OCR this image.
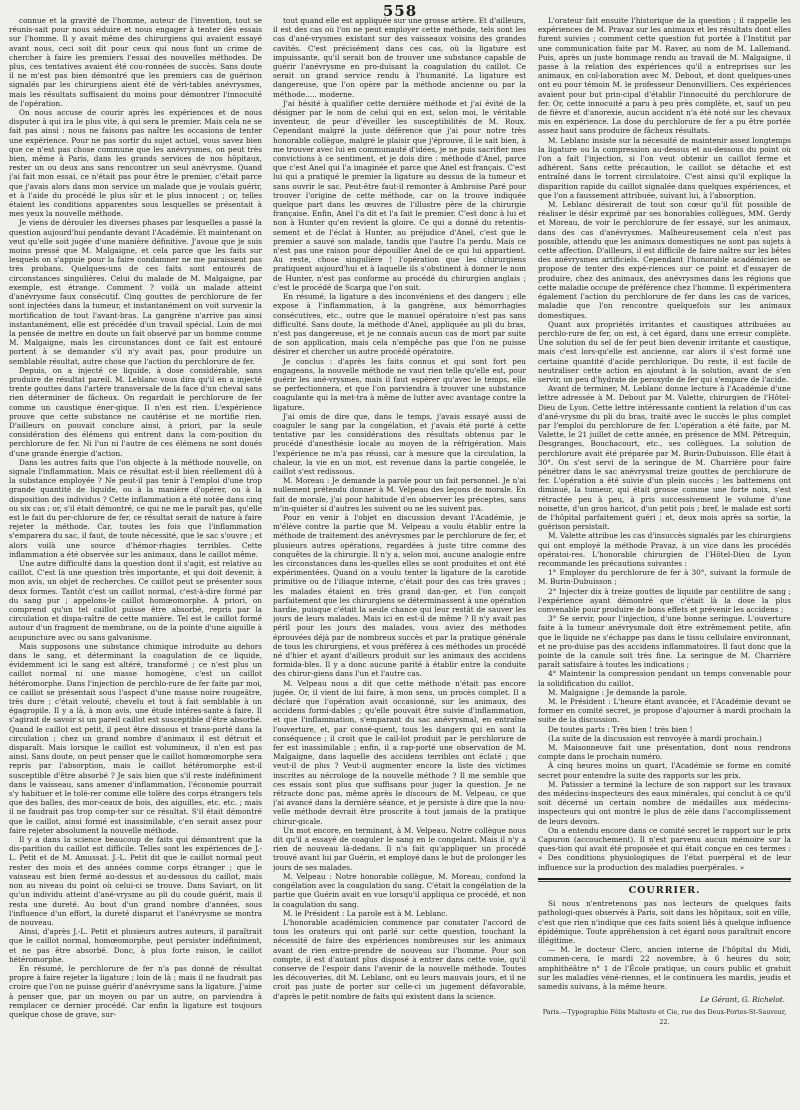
558

connue et la gravité de l'homme, auteur de l'invention, tout se réunis-sait pour nous séduire et nous engager à tenter dès essais sur l'homme. Il y avait même des chirurgiens qui avaient essayé avant nous, ceci soit dit pour ceux qui nous font un crime de chercher à faire les premiers l'essai des nouvelles méthodes. De plus, ces tentatives avaient été cou-ronnées de succès. Sans doute il ne m'est pas bien démontré que les premiers cas de guérison signalés par les chirurgiens aient été de véri-tables anévrysmes, mais les résultats suffisaient du moins pour démontrer l'innocuité de l'opération.

On nous accuse de courir après les expériences et de nous disputer à qui ira le plus vite, à qui sera le premier. Mais cela ne se fait pas ainsi : nous ne faisons pas naître les occasions de tenter une expérience. Pour ne pas sortir du sujet actuel, vous savez bien que ce n'est pas chose commune que les anévrysmes, on peut très bien, même à Paris, dans les grands services de nos hôpitaux, rester un ou deux ans sans rencontrer un seul anévrysme. Quand j'ai fait mon essai, ce n'était pas pour être le premier, c'était parce que j'avais alors dans mon service un malade que je voulais guérir, et à l'aide du procédé le plus sûr et le plus innocent ; or, telles étaient les conditions apparentes sous lesquelles se présentait à mes yeux la nouvelle méthode.

Je viens de dérouler les diverses phases par lesquelles a passé la question aujourd'hui pendante devant l'Académie. Et maintenant on veut qu'elle soit jugée d'une manière définitive. J'avoue que je suis moins pressé que M. Malgaigne, et cela parce que les faits sur lesquels on s'appuie pour la faire condamner ne me paraissent pas très probans. Quelques-uns de ces faits sont entourés de circonstances singulières. Celui du malade de M. Malgaigne, par exemple, est étrange. Comment ? voilà un malade atteint d'anévrysme faux consécutif. Cinq gouttes de perchlorure de fer sont injectées dans la tumeur, et instantanément on voit survenir la mortification de tout l'avant-bras. La gangrène n'arrive pas ainsi instantanément, elle est précédée d'un travail spécial. Loin de moi la pensée de mettre en doute un fait observé par un homme comme M. Malgaigne, mais les circonstances dont ce fait est entouré portent à se demander s'il n'y avait pas, pour produire un semblable résultat, autre chose que l'action du perchlorure de fer.

Depuis, on a injecté ce liquide, à dose considérable, sans produire de résultat pareil. M. Leblanc vous dira qu'il en a injecté trente gouttes dans l'artère transversale de la face d'un cheval sans rien déterminer de fâcheux. On regardait le perchlorure de fer comme un caustique éner-gique. Il n'en est rien. L'expérience prouve que cette substance ne cautérise et ne mortifie rien. D'ailleurs on pouvait conclure ainsi, à priori, par la seule considération des élémens qui entrent dans la com-position du perchlorure de fer. Ni l'un ni l'autre de ces élémens ne sont doués d'une grande énergie d'action.

Dans les autres faits que l'on objecte à la méthode nouvelle, on signale l'inflammation. Mais ce résultat est-il bien réellement dû à la substance employée ? Ne peut-il pas tenir à l'emploi d'une trop grande quantité de liquide, ou à la manière d'opérer, ou à la disposition des individus ? Cette inflammation a été notée dans cinq ou six cas ; or, s'il était démontré, ce qui ne me le paraît pas, qu'elle est le fait du per-chlorure de fer, ce résultat serait de nature à faire rejeter la méthode. Car, toutes les fois que l'inflammation s'emparera du sac, il faut, de toute nécessité, que le sac s'ouvre ; et alors voilà une source d'hémor-rhagies terribles. Cette inflammation a été observée sur les animaux, dans le caillot même.

Une autre difficulté dans la question dont il s'agit, est relative au caillot. C'est là une question très importante, et qui doit devenir, à mon avis, un objet de recherches. Ce caillot peut se présenter sous deux formes. Tantôt c'est un caillot normal, c'est-à-dire formé par du sang pur ; appelons-le caillot homœomorphe. À priori, on comprend qu'un tel caillot puisse être absorbé, repris par la circulation et dispa-raître de cette manière. Tel est le caillot formé autour d'un fragment de membrane, ou de la pointe d'une aiguille à acupuncture avec ou sans galvanisme.

Mais supposons une substance chimique introduite au dehors dans le sang, et déterminant la coagulation de ce liquide, évidemment ici le sang est altéré, transformé ; ce n'est plus un caillot normal ni une masse homogène, c'est un caillot hétéromorphe. Dans l'injection de perchlo-rure de fer faite par moi, ce caillot se présentait sous l'aspect d'une masse noire rougeâtre, très dure ; c'était velouté, chevelu et tout à fait semblable à un égagropile. Il y a là, à mon avis, une étude intéres-sante à faire. Il s'agirait de savoir si un pareil caillot est susceptible d'être absorbé. Quand le caillot est petit, il peut être dissous et trans-porté dans la circulation ; chez un grand nombre d'animaux il est détruit et disparaît. Mais lorsque le caillot est volumineux, il n'en est pas ainsi. Sans doute, on peut penser que le caillot homœomorphe sera repris par l'absorption, mais le caillot hétéromorphe est-il susceptible d'être absorbé ? Je sais bien que s'il reste indéfiniment dans le vaisseau, sans amener d'inflammation, l'économie pourrait s'y habituer et le tolé-rer comme elle tolère des corps étrangers tels que des balles, des mor-ceaux de bois, des aiguilles, etc. etc. ; mais il ne faudrait pas trop comp-ter sur ce résultat. S'il était démontré que le caillot, ainsi formé est inassimilable, c'en serait assez pour faire rejeter absolument la nouvelle méthode.

Il y a dans la science beaucoup de faits qui démontrent que la dis-parition du caillot est difficile. Telles sont les expériences de J.-L. Petit et de M. Amussat. J.-L. Petit dit que le caillot normal peut rester des mois et des années comme corps étranger ; que le vaisseau est bien fermé au-dessus et au-dessous du caillot, mais non au niveau du point où celui-ci se trouve. Dans Saviart, on lit qu'un individu atteint d'ané-vrysme au pli du coude guérit, mais il resta une dureté. Au bout d'un grand nombre d'années, sous l'influence d'un effort, la dureté disparut et l'anévrysme se montra de nouveau.

Ainsi, d'après J.-L. Petit et plusieurs autres auteurs, il paraîtrait que le caillot normal, homœomorphe, peut persister indéfiniment, et ne pas être absorbé. Donc, à plus forte raison, le caillot hétéromorphe.

En résumé, le perchlorure de fer n'a pas donné de résultat propre à faire rejeter la ligature ; loin de là ; mais il ne faudrait pas croire que l'on ne puisse guérir d'anévrysme sans la ligature. J'aime à penser que, par un moyen ou par un autre, on parviendra à remplacer ce dernier procédé. Car enfin la ligature est toujours quelque chose de grave, sur-

tout quand elle est appliquée sur une grosse artère. Et d'ailleurs, il est des cas où l'on ne peut employer cette méthode, tels sont les cas d'ané-vrysmes existant sur des vaisseaux voisins des grandes cavités. C'est précisément dans ces cas, où la ligature est impuissante, qu'il serait bon de trouver une substance capable de guérir l'anévrysme en pro-duisant la coagulation du caillot. Ce serait un grand service rendu à l'humanité. La ligature est dangereuse, que l'on opère par la méthode ancienne ou par la méthode..... moderne.

J'ai hésité à qualifier cette dernière méthode et j'ai évité de la désigner par le nom de celui qui en est, selon moi, le véritable inventeur, de peur d'éveiller les susceptibilités de M. Roux. Cependant malgré la juste déférence que j'ai pour notre très honorable collègue, malgré le plaisir que j'éprouve, il le sait bien, à me trouver avec lui en communauté d'idées, je ne puis sacrifier mes convictions à ce sentiment, et je dois dire : méthode d'Anel, parce que c'est Anel qui l'a imaginée et parce que Anel est français. C'est lui qui a pratiqué le premier la ligature au dessus de la tumeur et sans ouvrir le sac. Peut-être faut-il remonter à Ambroise Paré pour trouver l'origine de cette méthode, car on la trouve indiquée quelque part dans les œuvres de l'illustre père de la chirurgie française. Enfin, Anel l'a dit et l'a fait le premier. C'est donc à lui et non à Hunter qu'en revient la gloire. Ce qui a donné du retentis-sement et de l'éclat à Hunter, au préjudice d'Anel, c'est que le premier a sauvé son malade, tandis que l'autre l'a perdu. Mais ce n'est pas une raison pour dépouiller Anel de ce qui lui appartient. Au reste, chose singulière ! l'opération que les chirurgiens pratiquent aujourd'hui et à laquelle ils s'obstinent à donner le nom de Hunter, n'est pas conforme au procédé du chirurgien anglais ; c'est le procédé de Scarpa que l'on suit.

En résumé, la ligature a des inconvéniens et des dangers ; elle expose à l'inflammation, à la gangrène, aux hémorrhagies consécutives, etc., outre que le manuel opératoire n'est pas sans difficulté. Sans doute, la méthode d'Anel, appliquée au pli du bras, n'est pas dangereuse, et je ne connais aucun cas de mort par suite de son application, mais cela n'empêche pas que l'on ne puisse désirer et chercher un autre procédé opératoire.

Je conclus : d'après les faits connus et qui sont fort peu engageans, la nouvelle méthode ne vaut rien telle qu'elle est, pour guérir les ané-vrysmes, mais il faut espérer qu'avec le temps, elle se perfectionnera, et que l'on parviendra à trouver une substance coagulante qui la met-tra à même de lutter avec avantage contre la ligature.

J'ai omis de dire que, dans le temps, j'avais essayé aussi de coaguler le sang par la congélation, et j'avais été porté à cette tentative par les considérations des résultats obtenus par le procédé d'anesthésie locale au moyen de la réfrigération. Mais l'expérience ne m'a pas réussi, car à mesure que la circulation, la chaleur, la vie en un mot, est revenue dans la partie congelée, le caillot s'est redissous.

M. Moreau : Je demande la parole pour un fait personnel. Je n'ai nullement prétendu donner à M. Velpeau des leçons de morale. En fait de morale, j'ai pour habitude d'en observer les préceptes, sans m'in-quiéter si d'autres les suivent ou ne les suivent pas.

Pour en venir à l'objet en discussion devant l'Académie, je m'élève contre la partie que M. Velpeau a voulu établir entre la méthode de traitement des anévrysmes par le perchlorure de fer, et plusieurs autres opérations, regardées à juste titre comme des conquêtes de la chirurgie. Il n'y a, selon moi, aucune analogie entre les circonstances dans les-quelles elles se sont produites et ont été expérimentées. Quand on a voulu tenter la ligature de la carotide primitive ou de l'iliaque interne, c'était pour des cas très graves ; les malades étaient en très grand dan-ger, et l'on conçoit parfaitement que les chirurgiens se déterminassent à une opération hardie, puisque c'était la seule chance qui leur restât de sauver les jours de leurs malades. Mais ici en est-il de même ? Il n'y avait pas péril pour les jours des malades, vous aviez des méthodes éprouvées déjà par de nombreux succès et par la pratique générale de tous les chirurgiens, et vous préférez à ces méthodes un procédé né d'hier et ayant d'ailleurs produit sur les animaux des accidens formida-bles. Il y a donc aucune parité à établir entre la conduite des chirur-giens dans l'un et l'autre cas.

M. Velpeau nous a dit que cette méthode n'était pas encore jugée. Or, il vient de lui faire, à mon sens, un procès complet. Il a déclaré que l'opération avait occasionné, sur les animaux, des accidens formi-dables ; qu'elle pouvait être suivie d'inflammation, et que l'inflammation, s'emparant du sac anévrysmal, en entraîne l'ouverture, et, par consé-quent, tous les dangers qui en sont la conséquence ; il croit que le cail-lot produit par le perchlorure de fer est inassimilable ; enfin, il a rap-porté une observation de M. Malgaigne, dans laquelle des accidens terribles ont éclaté ; que veut-il de plus ? Veut-il augmenter encore la liste des victimes inscrites au nécrologe de la nouvelle méthode ? Il me semble que ces essais sont plus que suffisans pour juger la question. Je ne rétracte donc pas, même après le discours de M. Velpeau, ce que j'ai avancé dans la dernière séance, et je persiste à dire que la nou-velle méthode devrait être proscrite à tout jamais de la pratique chirur-gicale.

Un mot encore, en terminant, à M. Velpeau. Notre collègue nous dit qu'il a essayé de coaguler le sang en le congelant. Mais il n'y a rien de nouveau là-dedans. Il n'a fait qu'appliquer un procédé trouvé avant lui par Guérin, et employé dans le but de prolonger les jours de ses malades.

M. Velpeau : Notre honorable collègue, M. Moreau, confond la congélation avec la coagulation du sang. C'était la congélation de la partie que Guérin avait en vue lorsqu'il appliqua ce procédé, et non la coagulation du sang.

M. le Président : La parole est à M. Leblanc.

L'honorable académicien commence par constater l'accord de tous les orateurs qui ont parlé sur cette question, touchant la nécessité de faire des expériences nombreuses sur les animaux avant de rien entre-prendre de nouveau sur l'homme. Pour son compte, il est d'autant plus disposé à entrer dans cette voie, qu'il conserve de l'espoir dans l'avenir de la nouvelle méthode. Toutes les découvertes, dit M. Leblanc, ont eu leurs mauvais jours, et il ne croit pas juste de porter sur celle-ci un jugement défavorable, d'après le petit nombre de faits qui existent dans la science.

L'orateur fait ensuite l'historique de la question ; il rappelle les expériences de M. Pravaz sur les animaux et les résultats dont elles furent suivies ; comment cette question fut portée à l'Institut par une communication faite par M. Raver, au nom de M. Lallemand. Puis, après un juste hommage rendu au travail de M. Malgaigne, il passe à la relation des expériences qu'il a entreprises sur les animaux, en col-laboration avec M. Debout, et dont quelques-unes ont eu pour témoin M. le professeur Denonvilliers. Ces expériences avaient pour but prin-cipal d'établir l'innocuité du perchlorure de fer. Or, cette innocuité a paru à peu près complète, et, sauf un peu de fièvre et d'anorexie, aucun accident n'a été noté sur les chevaux mis en expérience. La dose du perchlorure de fer a pu être portée assez haut sans produire de fâcheux résultats.

M. Leblanc insiste sur la nécessité de maintenir assez longtemps la ligature ou la compression au-dessus et au-dessous du point où l'on a fait l'injection, si l'on veut obtenir un caillot ferme et adhérent. Sans cette précaution, le caillot se détache et est entraîné dans le torrent circulatoire. C'est ainsi qu'il explique la disparition rapide du caillot signalée dans quelques expériences, et que l'on a faussement attribuée, suivant lui, à l'absorption.

M. Leblanc désirerait de tout son cœur qu'il fût possible de réaliser le désir exprimé par ses honorables collègues, MM. Gerdy et Moreau, de voir le perchlorure de fer essayé, sur les animaux, dans des cas d'anévrysmes. Malheureusement cela n'est pas possible, attendu que les animaux domestiques ne sont pas sujets à cette affection. D'ailleurs, il est difficile de faire naître sur les bêtes des anévrysmes artificiels. Cependant l'honorable académicien se propose de tenter des expé-riences sur ce point et d'essayer de produire, chez des animaux, des anévrysmes dans les régions que cette maladie occupe de préférence chez l'homme. Il expérimentera également l'action du perchlorure de fer dans les cas de varices, maladie que l'on rencontre quelquefois sur les animaux domestiques.

Quant aux propriétés irritantes et caustiques attribuées au perchlo-rure de fer, on est, à cet égard, dans une erreur complète. Une solution du sel de fer peut bien devenir irritante et caustique, mais c'est lors-qu'elle est ancienne, car alors il s'est formé une certaine quantité d'acide perchlorique. Du reste, il est facile de neutraliser cette action en ajoutant à la solution, avant de s'en servir, un peu d'hydrate de peroxyde de fer qui s'empare de l'acide.

Avant de terminer, M. Leblanc donne lecture à l'Académie d'une lettre adressée à M. Debout par M. Valette, chirurgien de l'Hôtel-Dieu de Lyon. Cette lettre intéressante contient la relation d'un cas d'ané-vrysme du pli du bras, traité avec le succès le plus complet par l'emploi du perchlorure de fer. L'opération a été faite, par M. Valette, le 21 juillet de cette année, en présence de MM. Pétrequin, Desgranges, Bouchacourt, etc., ses collègues. La solution de perchlorure avait été préparée par M. Burin-Dubuisson. Elle était à 30°. On s'est servi de la seringue de M. Charrière pour faire pénétrer dans le sac anévrysmal treize gouttes de perchlorure de fer. L'opération a été suivie d'un plein succès ; les battemens ont diminué, la tumeur, qui était grosse comme une forte noix, s'est rétractée peu à peu, à pris successivement le volume d'une noisette, d'un gros haricot, d'un petit pois ; bref, le malade est sorti de l'hôpital parfaitement guéri ; et, deux mois après sa sortie, la guérison persistait.

M. Valette attribue les cas d'insuccès signalés par les chirurgiens qui ont employé la méthode Pravaz, à un vice dans les procédés opératoi-res. L'honorable chirurgien de l'Hôtel-Dieu de Lyon recommande les précautions suivantes :

1° Employer du perchlorure de fer à 30°, suivant la formule de M. Burin-Dubuisson ;

2° Injecter dix à treize gouttes de liquide par centilitre de sang ; l'expérience ayant démontré que c'était là la dose la plus convenable pour produire de bons effets et prévenir les accidens ;

3° Se servir, pour l'injection, d'une bonne seringue. L'ouverture faite à la tumeur anévrysmale doit être extrêmement petite, afin que le liquide ne s'échappe pas dans le tissu cellulaire environnant, et ne pro-duise pas des accidens inflammatoires. Il faut donc que la pointe de la canule soit très fine. La seringue de M. Charrière paraît satisfaire à toutes les indications ;

4° Maintenir la compression pendant un temps convenable pour la solidification du caillot.

M. Malgaigne : Je demande la parole.

M. le Président : L'heure étant avancée, et l'Académie devant se former en comité secret, je propose d'ajourner à mardi prochain la suite de la discussion.

De toutes parts : Très bien ! très bien !

(La suite de la discussion est renvoyée à mardi prochain.)

M. Maisonneuve fait une présentation, dont nous rendrons compte dans le prochain numéro.

À cinq heures moins un quart, l'Académie se forme en comité secret pour entendre la suite des rapports sur les prix.

M. Patissier a terminé la lecture de son rapport sur les travaux des médecins-inspecteurs des eaux minérales, qui conclut à ce qu'il soit décerné un certain nombre de médailles aux médecins-inspecteurs qui ont montré le plus de zèle dans l'accomplissement de leurs devoirs.

On a entendu encore dans ce comité secret le rapport sur le prix Capuron (accouchement). Il n'est parvenu aucun mémoire sur la ques-tion qui avait été proposée et qui était conçue en ces termes : « Des conditions physiologiques de l'état puerpéral et de leur influence sur la production des maladies puerpérales. »

COURRIER.

Si nous n'entretenons pas nos lecteurs de quelques faits pathologi-ques observés à Paris, soit dans les hôpitaux, soit en ville, c'est que rien n'indique que ces faits soient liés à quelque influence épidémique. Toute appréhension à cet égard nous paraîtrait encore illégitime.

— M. le docteur Clerc, ancien interne de l'hôpital du Midi, commen-cera, le mardi 22 novembre, à 6 heures du soir, amphithéâtre n° 1 de l'École pratique, un cours public et gratuit sur les maladies véné-riennes, et le continuera les mardis, jeudis et samedis suivans, à la même heure.

Le Gérant, G. Richelot.
Paris.—Typographie Félix Malteste et Cie, rue des Deux-Portes-St-Sauveur, 22.
